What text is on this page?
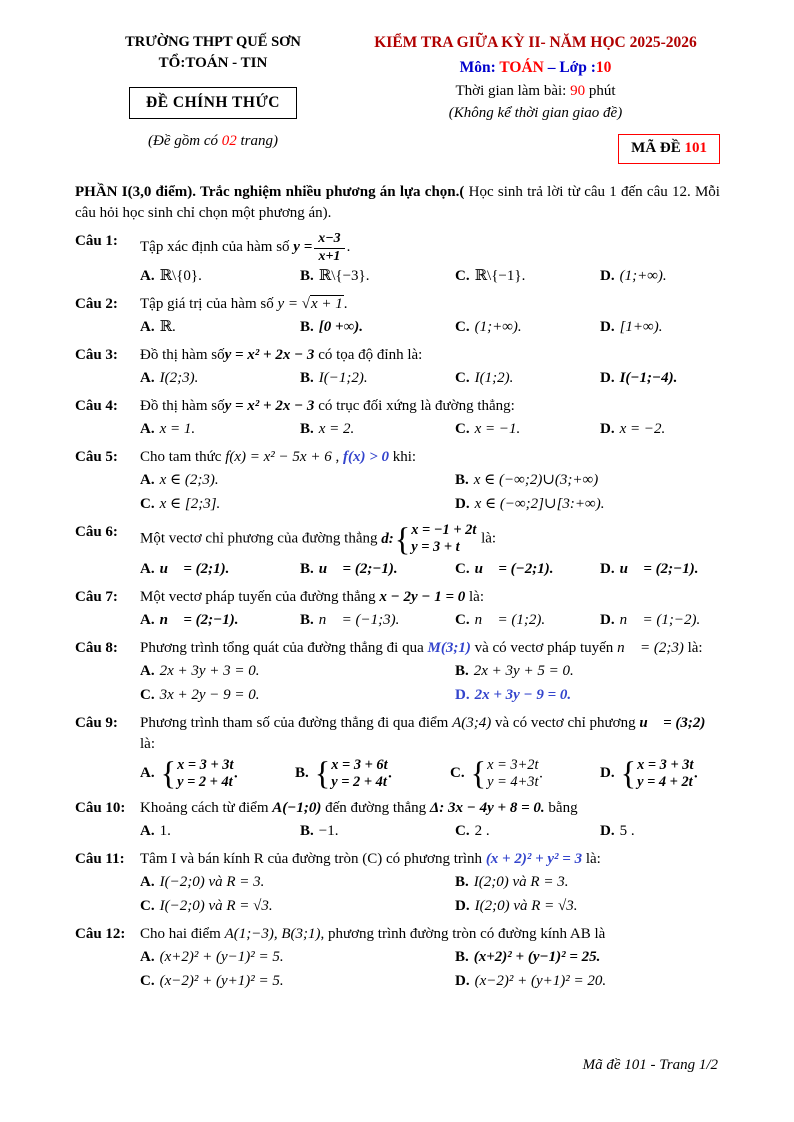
TRƯỜNG THPT QUẾ SƠN
TỔ:TOÁN - TIN
ĐỀ CHÍNH THỨC
(Đề gồm có 02 trang)
KIỂM TRA GIỮA KỲ II- NĂM HỌC 2025-2026
Môn: TOÁN – Lớp :10
Thời gian làm bài: 90 phút
(Không kể thời gian giao đề)
MÃ ĐỀ 101
PHẦN I(3,0 điểm). Trắc nghiệm nhiều phương án lựa chọn.( Học sinh trả lời từ câu 1 đến câu 12. Mỗi câu hỏi học sinh chỉ chọn một phương án).
Câu 1: Tập xác định của hàm số $y = \frac{x-3}{x+1}$ .
A. ℝ\{0}.	B. ℝ\{−3}.	C. ℝ\{−1}.	D. (1;+∞).
Câu 2: Tập giá trị của hàm số y = √x + 1.
A. ℝ.	B. [0 +∞).	C. (1;+∞).	D. [1+∞).
Câu 3: Đồ thị hàm sốy = x² + 2x − 3 có tọa độ đỉnh là:
A. I(2;3).	B. I(−1;2).	C. I(1;2).	D. I(−1;−4).
Câu 4: Đồ thị hàm sốy = x² + 2x − 3 có trục đối xứng là đường thẳng:
A. x = 1.	B. x = 2.	C. x = −1.	D. x = −2.
Câu 5: Cho tam thức f(x) = x² − 5x + 6 , f(x) > 0 khi:
A. x ∈ (2;3).	B. x ∈ (−∞;2)∪(3;+∞)
C. x ∈ [2;3].	D. x ∈ (−∞;2]∪[3:+∞).
Câu 6: Một vectơ chỉ phương của đường thẳng d: { x = −1 + 2t
y = 3 + t
là:
A. u⃗ = (2;1).	B. u⃗ = (2;−1).	C. u⃗ = (−2;1).	D. u⃗ = (2;−1).
Câu 7: Một vectơ pháp tuyến của đường thẳng x − 2y − 1 = 0 là:
A. n⃗ = (2;−1).	B. n⃗ = (−1;3).	C. n⃗ = (1;2).	D. n⃗ = (1;−2).
Câu 8: Phương trình tổng quát của đường thẳng đi qua M(3;1) và có vectơ pháp tuyến n⃗ = (2;3) là:
A. 2x + 3y + 3 = 0.	B. 2x + 3y + 5 = 0.
C. 3x + 2y − 9 = 0.	D. 2x + 3y − 9 = 0.
Câu 9: Phương trình tham số của đường thẳng đi qua điểm A(3;4) và có vectơ chỉ phương u⃗ = (3;2) là:
A. { x = 3 + 3t
y = 2 + 4t
.	B. { x = 3 + 6t
y = 2 + 4t
.	C. { x = 3+2t
y = 4+3t
.	D. { x = 3 + 3t
y = 4 + 2t
.
Câu 10: Khoảng cách từ điểm A(−1;0) đến đường thẳng Δ: 3x − 4y + 8 = 0. bằng
A. 1.	B. −1.	C. 2 .	D. 5 .
Câu 11: Tâm I và bán kính R của đường tròn (C) có phương trình (x + 2)² + y² = 3 là:
A. I(−2;0) và R = 3.	B. I(2;0) và R = 3.
C. I(−2;0) và R = √3.	D. I(2;0) và R = √3.
Câu 12: Cho hai điểm A(1;−3), B(3;1), phương trình đường tròn có đường kính AB là
A. (x+2)² + (y−1)² = 5.	B. (x+2)² + (y−1)² = 25.
C. (x−2)² + (y+1)² = 5.	D. (x−2)² + (y+1)² = 20.
Mã đề 101 - Trang 1/2
